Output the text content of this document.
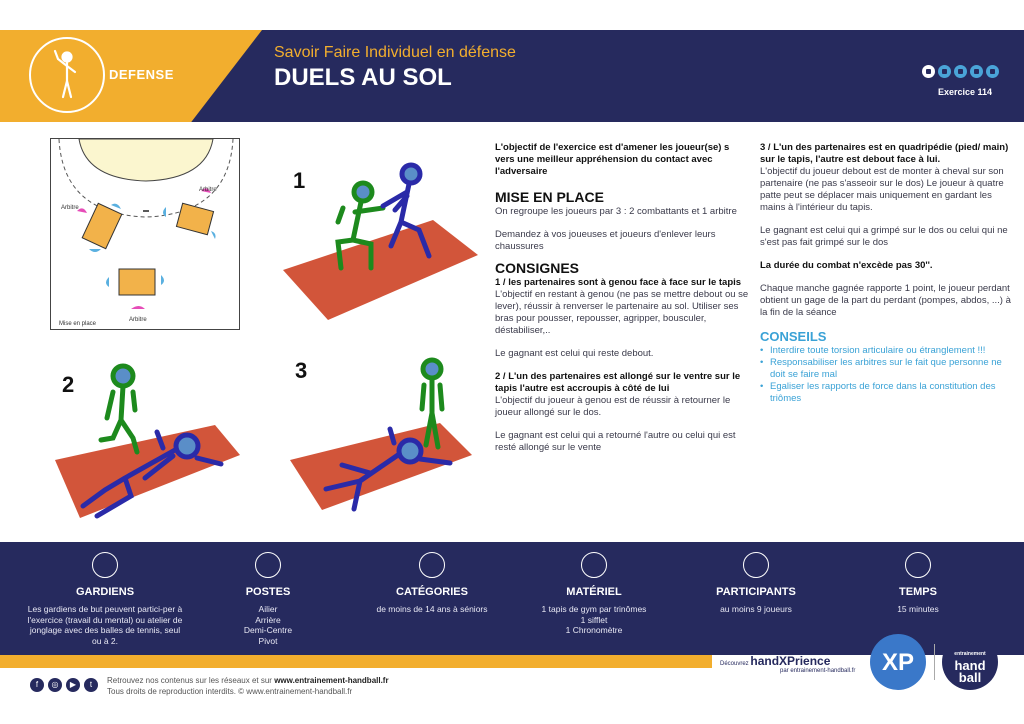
DEFENSE
Savoir Faire Individuel en défense
DUELS AU SOL
Exercice 114
Arbitre
Arbitre
Arbitre
Mise en place
1
2
3

L'objectif de l'exercice est d'amener les joueur(se) s vers une meilleur appréhension du contact avec l'adversaire

MISE EN PLACE

On regroupe les joueurs par 3 : 2 combattants et 1 arbitre

Demandez à vos joueuses et joueurs d'enlever leurs chaussures

CONSIGNES
1 / les partenaires sont à genou face à face sur le tapis

L'objectif en restant à genou (ne pas se mettre debout ou se lever), réussir à renverser le partenaire au sol. Utiliser ses bras pour pousser, repousser, agripper, bousculer, déstabiliser,..

Le gagnant est celui qui reste debout.

2 / L'un des partenaires est allongé sur le ventre sur le tapis l'autre est accroupis à côté de lui

L'objectif du joueur à genou est de réussir à retourner le joueur allongé sur le dos.

Le gagnant est celui qui a retourné l'autre ou celui qui est resté allongé sur le vente

3 / L'un des partenaires est en quadripédie (pied/ main) sur le tapis, l'autre est debout face à lui.

L'objectif du joueur debout est de monter à cheval sur son partenaire (ne pas s'asseoir sur le dos) Le joueur à quatre patte peut se déplacer mais uniquement en gardant les mains à l'intérieur du tapis.

Le gagnant est celui qui a grimpé sur le dos ou celui qui ne s'est pas fait grimpé sur le dos

La durée du combat n'excède pas 30''.

Chaque manche gagnée rapporte 1 point, le joueur perdant obtient un gage de la part du perdant (pompes, abdos, ...) à la fin de la séance

CONSEILS
• Interdire toute torsion articulaire ou étranglement !!!
• Responsabiliser les arbitres sur le fait que personne ne doit se faire mal
• Egaliser les rapports de force dans la constitution des triômes
GARDIENS
Les gardiens de but peuvent partici-per à l'exercice (travail du mental) ou atelier de jonglage avec des balles de tennis, seul ou à 2.
POSTES
Ailier
Arrière
Demi-Centre
Pivot
CATÉGORIES
de moins de 14 ans à séniors
MATÉRIEL
1 tapis de gym par trinômes
1 sifflet
1 Chronomètre
PARTICIPANTS
au moins 9 joueurs
TEMPS
15 minutes
f	◎	▶	t	Retrouvez nos contenus sur les réseaux et sur www.entrainement-handball.fr
Tous droits de reproduction interdits. © www.entrainement-handball.fr
Découvrez handXPrience
par entrainement-handball.fr	XP	entrainement
hand
ball
